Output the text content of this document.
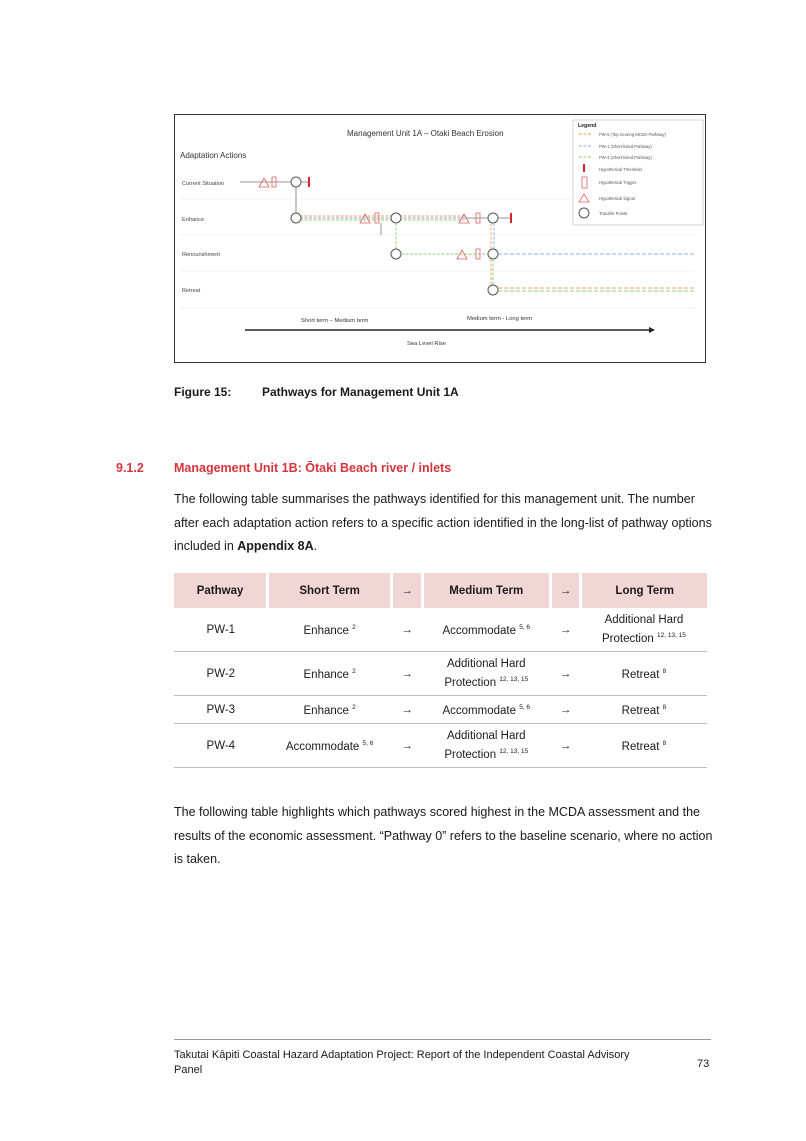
Management Unit 1A – Otaki Beach Erosion
Adaptation Actions
Current Situation
Enhance
Renourishment
Retreat
Short term – Medium term	Medium term - Long term
Sea Level Rise
Legend
PW-5 (Top Scoring MCDA Pathway)
PW-1 (Short-listed Pathway)
PW-4 (Short-listed Pathway)
Hypothetical Threshold
Hypothetical Trigger
Hypothetical Signal
Transfer Points
Figure 15:	Pathways for Management Unit 1A
9.1.2 Management Unit 1B: Ōtaki Beach river / inlets
The following table summarises the pathways identified for this management unit. The number after each adaptation action refers to a specific action identified in the long-list of pathway options included in Appendix 8A.
Pathway	Short Term	→	Medium Term	→	Long Term
PW-1	Enhance $^2$	→	Accommodate $^{5, 6}$	→	Additional Hard Protection $^{12, 13, 15}$
PW-2	Enhance $^2$	→	Additional Hard Protection $^{12, 13, 15}$	→	Retreat $^8$
PW-3	Enhance $^2$	→	Accommodate $^{5, 6}$	→	Retreat $^8$
PW-4	Accommodate $^{5, 6}$	→	Additional Hard Protection $^{12, 13, 15}$	→	Retreat $^8$
The following table highlights which pathways scored highest in the MCDA assessment and the results of the economic assessment. “Pathway 0” refers to the baseline scenario, where no action is taken.
Takutai Kāpiti Coastal Hazard Adaptation Project: Report of the Independent Coastal Advisory Panel	73
